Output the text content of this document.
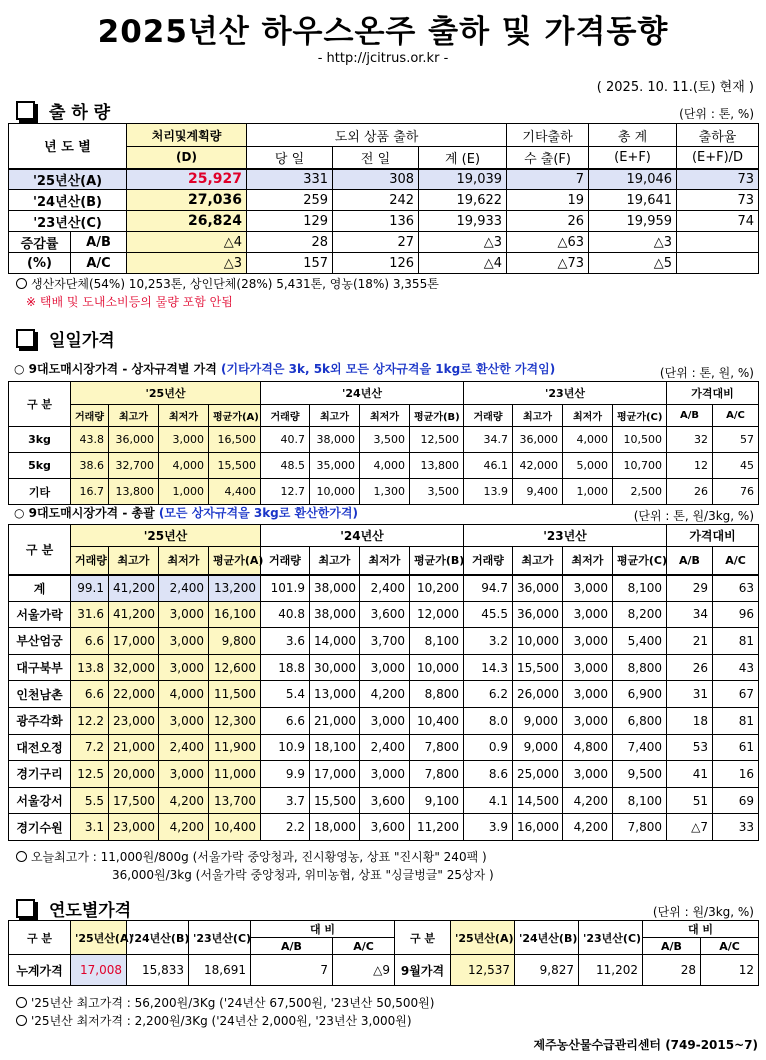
2025년산 하우스온주 출하 및 가격동향
- http://jcitrus.or.kr -
( 2025. 10. 11.(토) 현재 )
출 하 량	(단위 : 톤, %)
년 도 별		처리및계획량	도외 상품 출하			기타출하	총 계	출하율
		(D)	당 일	전 일	계 (E)	수 출(F)	(E+F)	(E+F)/D
'25년산(A)		25,927	331	308	19,039	7	19,046	73
'24년산(B)		27,036	259	242	19,622	19	19,641	73
'23년산(C)		26,824	129	136	19,933	26	19,959	74
증감률	A/B	△4	28	27	△3	△63	△3	
(%)	A/C	△3	157	126	△4	△73	△5	
생산자단체(54%) 10,253톤, 상인단체(28%) 5,431톤, 영농(18%) 3,355톤
※ 택배 및 도내소비등의 물량 포함 안됨
일일가격
○ 9대도매시장가격 - 상자규격별 가격 (기타가격은 3k, 5k외 모든 상자규격을 1kg로 환산한 가격임)	(단위 : 톤, 원, %)
구 분	'25년산				'24년산				'23년산				가격대비	
	거래량	최고가	최저가	평균가(A)	거래량	최고가	최저가	평균가(B)	거래량	최고가	최저가	평균가(C)	A/B	A/C
3kg	43.8	36,000	3,000	16,500	40.7	38,000	3,500	12,500	34.7	36,000	4,000	10,500	32	57
5kg	38.6	32,700	4,000	15,500	48.5	35,000	4,000	13,800	46.1	42,000	5,000	10,700	12	45
기타	16.7	13,800	1,000	4,400	12.7	10,000	1,300	3,500	13.9	9,400	1,000	2,500	26	76
○ 9대도매시장가격 - 총괄 (모든 상자규격을 3kg로 환산한가격)	(단위 : 톤, 원/3kg, %)
구 분	'25년산				'24년산				'23년산				가격대비	
	거래량	최고가	최저가	평균가(A)	거래량	최고가	최저가	평균가(B)	거래량	최고가	최저가	평균가(C)	A/B	A/C
계	99.1	41,200	2,400	13,200	101.9	38,000	2,400	10,200	94.7	36,000	3,000	8,100	29	63
서울가락	31.6	41,200	3,000	16,100	40.8	38,000	3,600	12,000	45.5	36,000	3,000	8,200	34	96
부산엄궁	6.6	17,000	3,000	9,800	3.6	14,000	3,700	8,100	3.2	10,000	3,000	5,400	21	81
대구북부	13.8	32,000	3,000	12,600	18.8	30,000	3,000	10,000	14.3	15,500	3,000	8,800	26	43
인천남촌	6.6	22,000	4,000	11,500	5.4	13,000	4,200	8,800	6.2	26,000	3,000	6,900	31	67
광주각화	12.2	23,000	3,000	12,300	6.6	21,000	3,000	10,400	8.0	9,000	3,000	6,800	18	81
대전오정	7.2	21,000	2,400	11,900	10.9	18,100	2,400	7,800	0.9	9,000	4,800	7,400	53	61
경기구리	12.5	20,000	3,000	11,000	9.9	17,000	3,000	7,800	8.6	25,000	3,000	9,500	41	16
서울강서	5.5	17,500	4,200	13,700	3.7	15,500	3,600	9,100	4.1	14,500	4,200	8,100	51	69
경기수원	3.1	23,000	4,200	10,400	2.2	18,000	3,600	11,200	3.9	16,000	4,200	7,800	△7	33
오늘최고가 : 11,000원/800g (서울가락 중앙청과, 진시황영농, 상표 "진시황" 240팩 )
36,000원/3kg (서울가락 중앙청과, 위미농협, 상표 "싱글벙글" 25상자 )
연도별가격	(단위 : 원/3kg, %)
구 분	'25년산(A)	'24년산(B)	'23년산(C)	대 비		구 분	'25년산(A)	'24년산(B)	'23년산(C)	대 비	
				A/B	A/C					A/B	A/C
누계가격	17,008	15,833	18,691	7	△9	9월가격	12,537	9,827	11,202	28	12
'25년산 최고가격 : 56,200원/3Kg ('24년산 67,500원, '23년산 50,500원)
'25년산 최저가격 : 2,200원/3Kg ('24년산 2,000원, '23년산 3,000원)
제주농산물수급관리센터 (749-2015~7)
